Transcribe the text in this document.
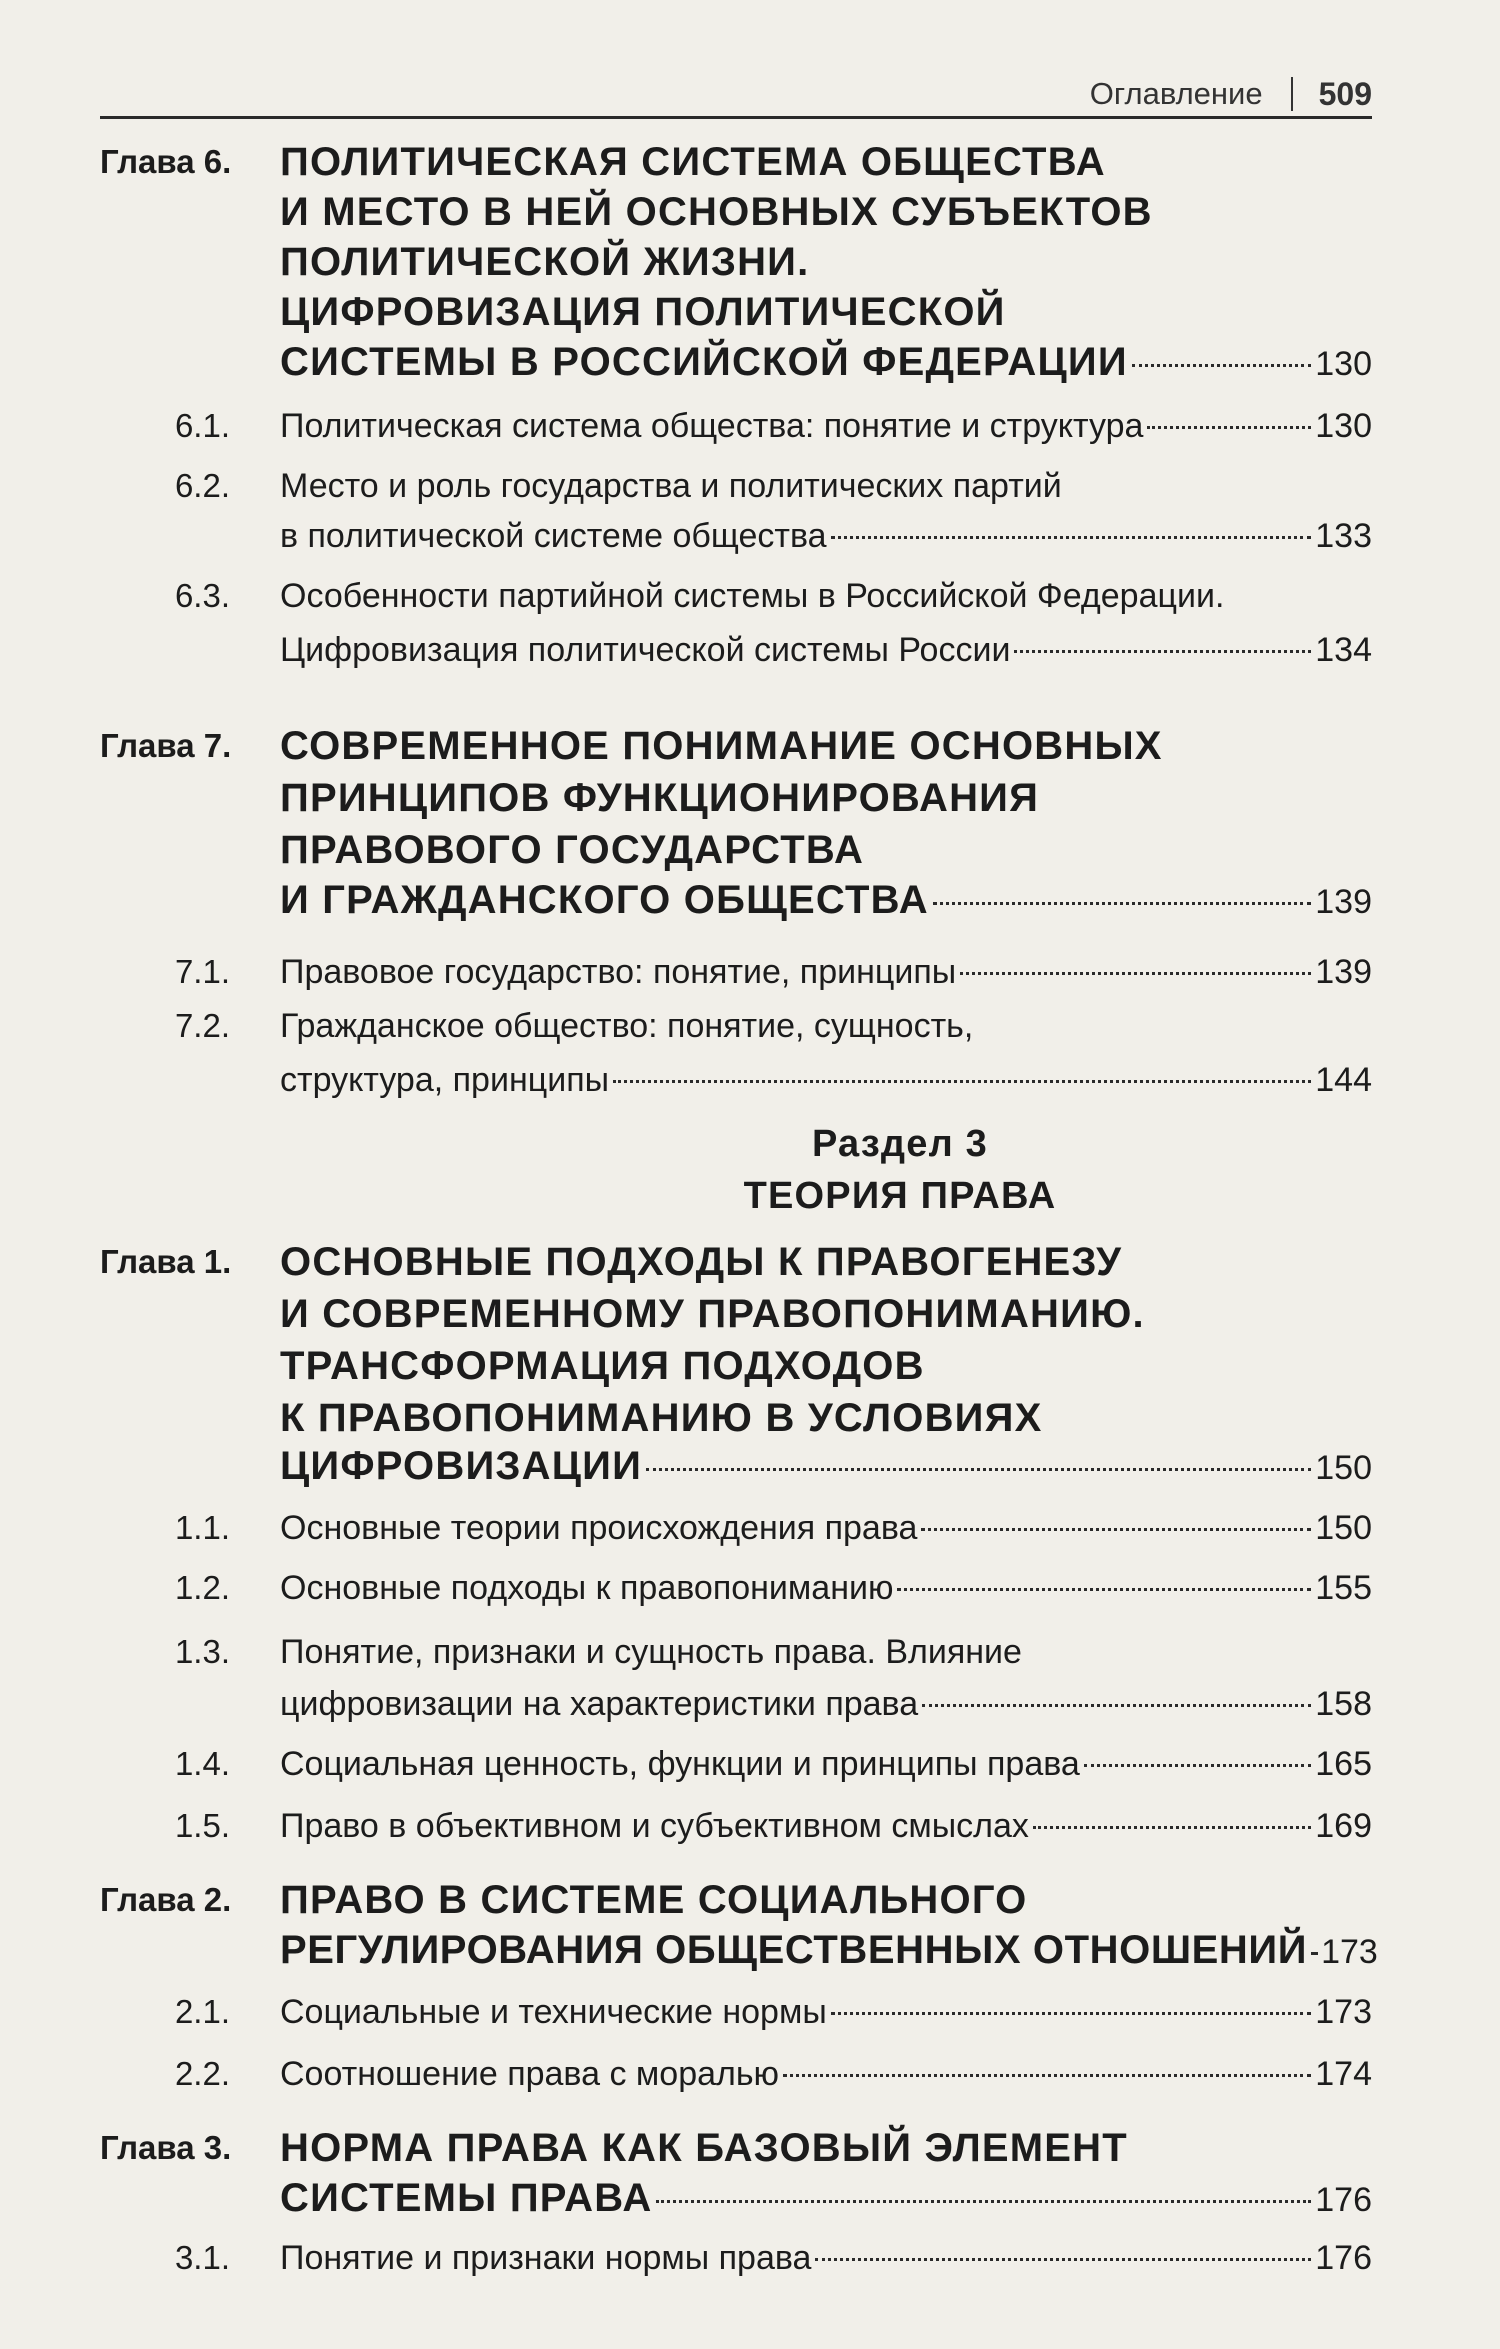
Оглавление 509
Глава 6. ПОЛИТИЧЕСКАЯ СИСТЕМА ОБЩЕСТВА
И МЕСТО В НЕЙ ОСНОВНЫХ СУБЪЕКТОВ
ПОЛИТИЧЕСКОЙ ЖИЗНИ.
ЦИФРОВИЗАЦИЯ ПОЛИТИЧЕСКОЙ
СИСТЕМЫ В РОССИЙСКОЙ ФЕДЕРАЦИИ	130
6.1. Политическая система общества: понятие и структура	130
6.2. Место и роль государства и политических партий
в политической системе общества	133
6.3. Особенности партийной системы в Российской Федерации.
Цифровизация политической системы России	134
Глава 7. СОВРЕМЕННОЕ ПОНИМАНИЕ ОСНОВНЫХ
ПРИНЦИПОВ ФУНКЦИОНИРОВАНИЯ
ПРАВОВОГО ГОСУДАРСТВА
И ГРАЖДАНСКОГО ОБЩЕСТВА	139
7.1. Правовое государство: понятие, принципы	139
7.2. Гражданское общество: понятие, сущность,
структура, принципы	144
Раздел 3
ТЕОРИЯ ПРАВА
Глава 1. ОСНОВНЫЕ ПОДХОДЫ К ПРАВОГЕНЕЗУ
И СОВРЕМЕННОМУ ПРАВОПОНИМАНИЮ.
ТРАНСФОРМАЦИЯ ПОДХОДОВ
К ПРАВОПОНИМАНИЮ В УСЛОВИЯХ
ЦИФРОВИЗАЦИИ	150
1.1. Основные теории происхождения права	150
1.2. Основные подходы к правопониманию	155
1.3. Понятие, признаки и сущность права. Влияние
цифровизации на характеристики права	158
1.4. Социальная ценность, функции и принципы права	165
1.5. Право в объективном и субъективном смыслах	169
Глава 2. ПРАВО В СИСТЕМЕ СОЦИАЛЬНОГО
РЕГУЛИРОВАНИЯ ОБЩЕСТВЕННЫХ ОТНОШЕНИЙ 173
2.1. Социальные и технические нормы	173
2.2. Соотношение права с моралью	174
Глава 3. НОРМА ПРАВА КАК БАЗОВЫЙ ЭЛЕМЕНТ
СИСТЕМЫ ПРАВА	176
3.1. Понятие и признаки нормы права	176
